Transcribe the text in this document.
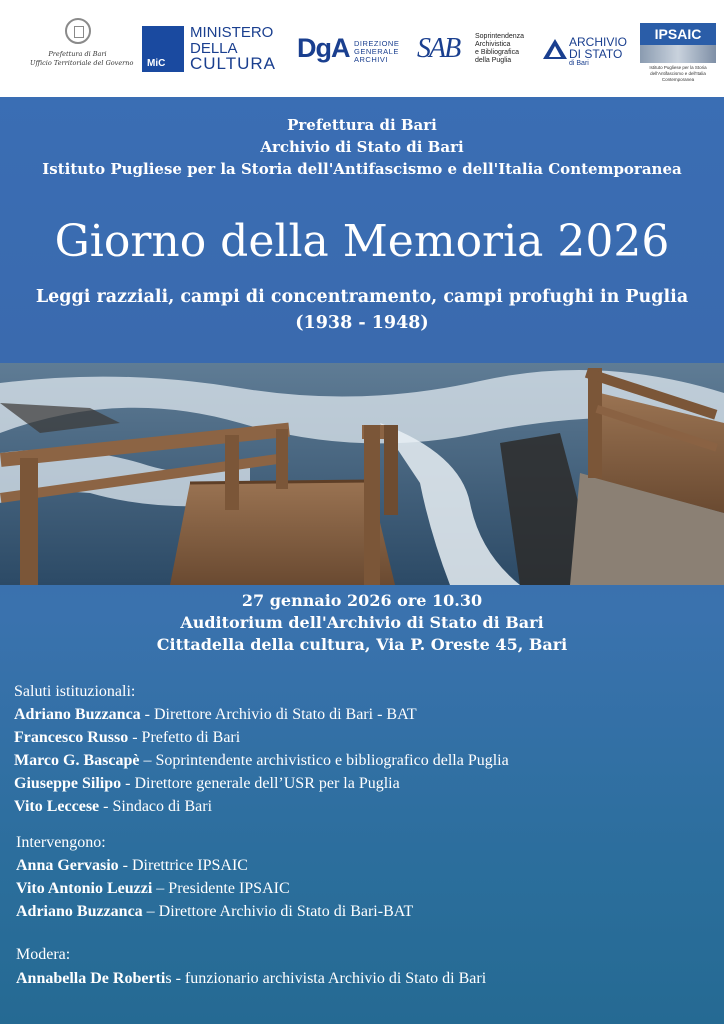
Prefettura di Bari
Ufficio Territoriale del Governo MiC
MINISTERO
DELLA
CULTURA
DgA DIREZIONE
GENERALE
ARCHIVI SAB Soprintendenza
Archivistica
e Bibliografica
della Puglia
ARCHIVIO
DI STATO
di Bari
IPSAIC
Istituto Pugliese per la Storia dell'Antifascismo e dell'Italia Contemporanea
Prefettura di Bari
Archivio di Stato di Bari
Istituto Pugliese per la Storia dell'Antifascismo e dell'Italia Contemporanea
Giorno della Memoria 2026
Leggi razziali, campi di concentramento, campi profughi in Puglia
(1938 - 1948)
27 gennaio 2026 ore 10.30
Auditorium dell'Archivio di Stato di Bari
Cittadella della cultura, Via P. Oreste 45, Bari
Saluti istituzionali:
Adriano Buzzanca - Direttore Archivio di Stato di Bari - BAT
Francesco Russo - Prefetto di Bari
Marco G. Bascapè – Soprintendente archivistico e bibliografico della Puglia
Giuseppe Silipo - Direttore generale dell’USR per la Puglia
Vito Leccese - Sindaco di Bari
Intervengono:
Anna Gervasio - Direttrice IPSAIC
Vito Antonio Leuzzi – Presidente IPSAIC
Adriano Buzzanca – Direttore Archivio di Stato di Bari-BAT
Modera:
Annabella De Robertis - funzionario archivista Archivio di Stato di Bari
